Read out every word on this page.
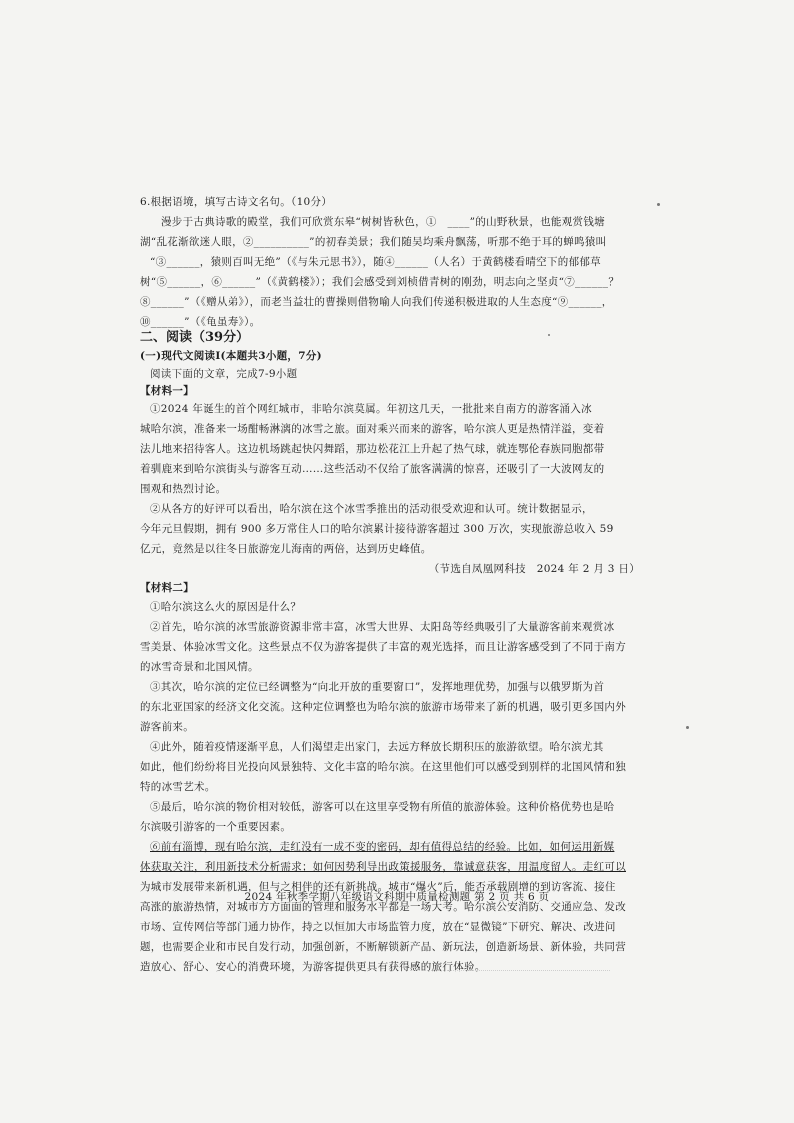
6.根据语境，填写古诗文名句。（10分）
漫步于古典诗歌的殿堂，我们可欣赏东皋“树树皆秋色，①　____”的山野秋景，也能观赏钱塘
湖“乱花渐欲迷人眼，②__________”的初春美景；我们随吴均乘舟飘荡，听那不绝于耳的蝉鸣猿叫
“③______，猿则百叫无绝”（《与朱元思书》），随④______（人名）于黄鹤楼看晴空下的郁郁草
树“⑤______，⑥______”（《黄鹤楼》）；我们会感受到刘桢借青树的刚劲，明志向之坚贞“⑦______？
⑧______”（《赠从弟》），而老当益壮的曹操则借物喻人向我们传递积极进取的人生态度“⑨______，
⑩______”（《龟虽寿》）。
二、阅读（39分）
(一)现代文阅读Ⅰ(本题共3小题，7分)
阅读下面的文章，完成7-9小题
【材料一】
①2024 年诞生的首个网红城市，非哈尔滨莫属。年初这几天，一批批来自南方的游客涌入冰
城哈尔滨，准备来一场酣畅淋漓的冰雪之旅。面对乘兴而来的游客，哈尔滨人更是热情洋溢，变着
法儿地来招待客人。这边机场跳起快闪舞蹈，那边松花江上升起了热气球，就连鄂伦春族同胞都带
着驯鹿来到哈尔滨街头与游客互动……这些活动不仅给了旅客满满的惊喜，还吸引了一大波网友的
围观和热烈讨论。
②从各方的好评可以看出，哈尔滨在这个冰雪季推出的活动很受欢迎和认可。统计数据显示，
今年元旦假期，拥有 900 多万常住人口的哈尔滨累计接待游客超过 300 万次，实现旅游总收入 59
亿元，竟然是以往冬日旅游宠儿海南的两倍，达到历史峰值。
（节选自凤凰网科技　2024 年 2 月 3 日）
【材料二】
①哈尔滨这么火的原因是什么？
②首先，哈尔滨的冰雪旅游资源非常丰富，冰雪大世界、太阳岛等经典吸引了大量游客前来观赏冰
雪美景、体验冰雪文化。这些景点不仅为游客提供了丰富的观光选择，而且让游客感受到了不同于南方
的冰雪奇景和北国风情。
③其次，哈尔滨的定位已经调整为“向北开放的重要窗口”，发挥地理优势，加强与以俄罗斯为首
的东北亚国家的经济文化交流。这种定位调整也为哈尔滨的旅游市场带来了新的机遇，吸引更多国内外
游客前来。
④此外，随着疫情逐渐平息，人们渴望走出家门，去远方释放长期积压的旅游欲望。哈尔滨尤其
如此，他们纷纷将目光投向风景独特、文化丰富的哈尔滨。在这里他们可以感受到别样的北国风情和独
特的冰雪艺术。
⑤最后，哈尔滨的物价相对较低，游客可以在这里享受物有所值的旅游体验。这种价格优势也是哈
尔滨吸引游客的一个重要因素。
⑥前有淄博，现有哈尔滨，走红没有一成不变的密码，却有值得总结的经验。比如，如何运用新媒
体获取关注，利用新技术分析需求；如何因势利导出政策援服务，靠诚意获客，用温度留人。走红可以
为城市发展带来新机遇，但与之相伴的还有新挑战。城市“爆火”后，能否承载剧增的到访客流、接住
高涨的旅游热情，对城市方方面面的管理和服务水平都是一场大考。哈尔滨公安消防、交通应急、发改
市场、宣传网信等部门通力协作，持之以恒加大市场监管力度，放在“显微镜”下研究、解决、改进问
题，也需要企业和市民自发行动，加强创新，不断解锁新产品、新玩法，创造新场景、新体验，共同营
造放心、舒心、安心的消费环境，为游客提供更具有获得感的旅行体验。
2024 年秋季学期八年级语文科期中质量检测题 第 2 页 共 6 页
